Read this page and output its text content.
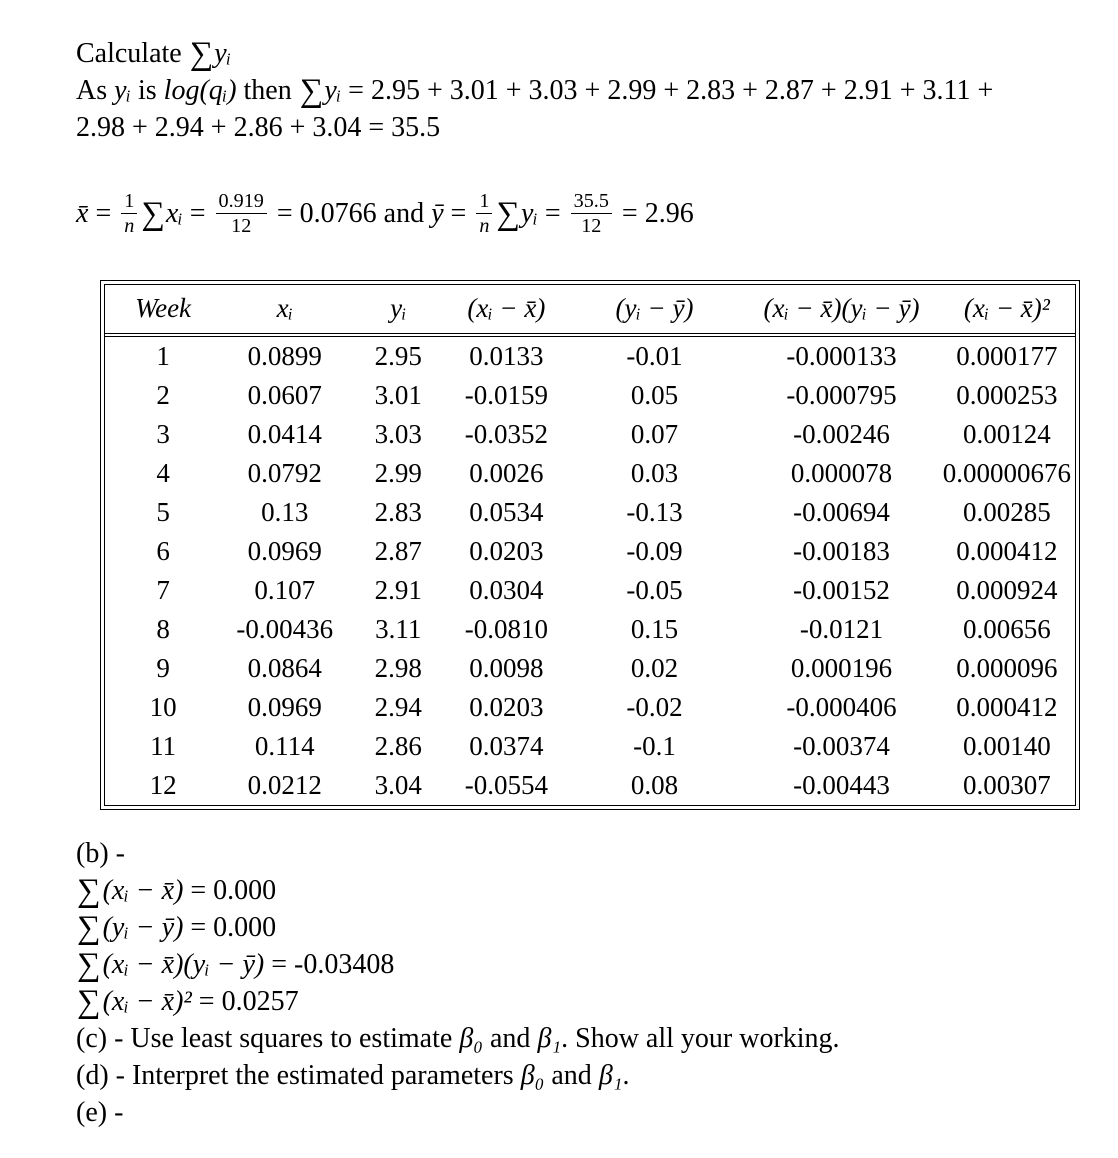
Calculate ∑yᵢ
As yᵢ is log(qᵢ) then ∑yᵢ = 2.95 + 3.01 + 3.03 + 2.99 + 2.83 + 2.87 + 2.91 + 3.11 + 2.98 + 2.94 + 2.86 + 3.04 = 35.5
x̄ = $\frac{1}{n}$ ∑xᵢ = $\frac{0.919}{12} = 0.0766$ and ȳ = $\frac{1}{n}$ ∑yᵢ = $\frac{35.5}{12} = 2.96$
Week	xᵢ	yᵢ	(xᵢ − x̄)	(yᵢ − ȳ)	(xᵢ − x̄)(yᵢ − ȳ)	(xᵢ − x̄)²
1	0.0899	2.95	0.0133	-0.01	-0.000133	0.000177
2	0.0607	3.01	-0.0159	0.05	-0.000795	0.000253
3	0.0414	3.03	-0.0352	0.07	-0.00246	0.00124
4	0.0792	2.99	0.0026	0.03	0.000078	0.00000676
5	0.13	2.83	0.0534	-0.13	-0.00694	0.00285
6	0.0969	2.87	0.0203	-0.09	-0.00183	0.000412
7	0.107	2.91	0.0304	-0.05	-0.00152	0.000924
8	-0.00436	3.11	-0.0810	0.15	-0.0121	0.00656
9	0.0864	2.98	0.0098	0.02	0.000196	0.000096
10	0.0969	2.94	0.0203	-0.02	-0.000406	0.000412
11	0.114	2.86	0.0374	-0.1	-0.00374	0.00140
12	0.0212	3.04	-0.0554	0.08	-0.00443	0.00307
(b) -
∑(xᵢ − x̄) = 0.000
∑(yᵢ − ȳ) = 0.000
∑(xᵢ − x̄)(yᵢ − ȳ) = -0.03408
∑(xᵢ − x̄)² = 0.0257
(c) - Use least squares to estimate β₀ and β₁. Show all your working.
(d) - Interpret the estimated parameters β₀ and β₁.
(e) -
